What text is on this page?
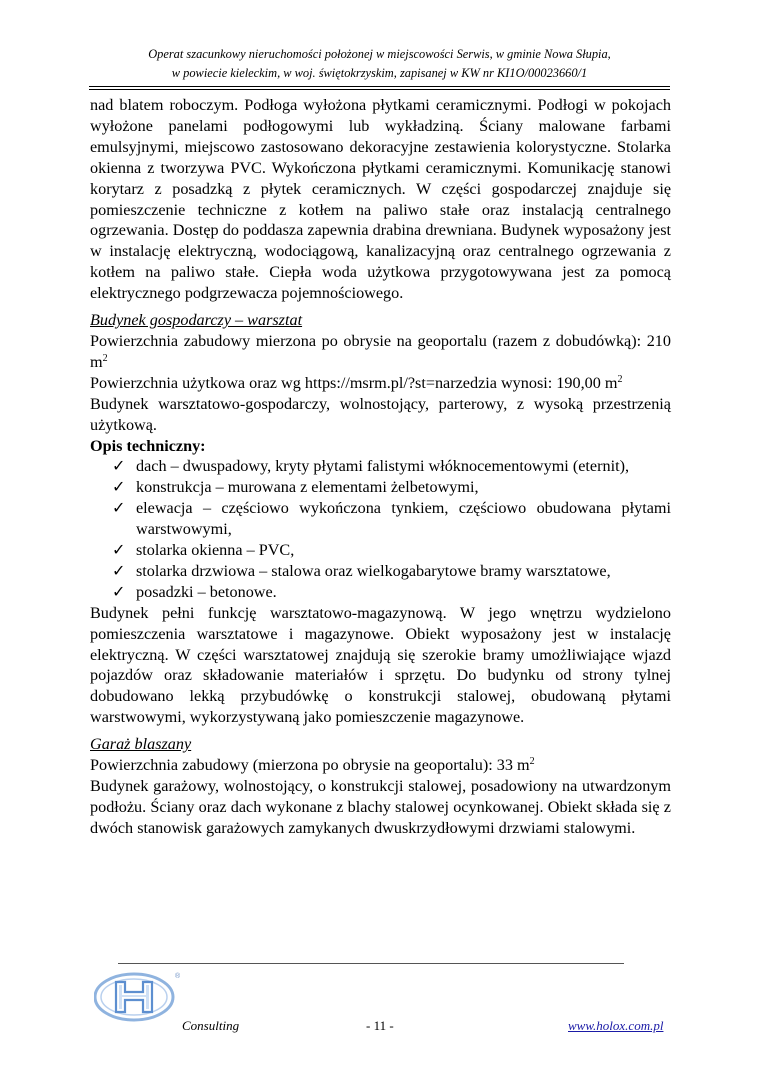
Operat szacunkowy nieruchomości położonej w miejscowości Serwis, w gminie Nowa Słupia,
w powiecie kieleckim, w woj. świętokrzyskim, zapisanej w KW nr KI1O/00023660/1

nad blatem roboczym. Podłoga wyłożona płytkami ceramicznymi. Podłogi w pokojach wyłożone panelami podłogowymi lub wykładziną. Ściany malowane farbami emulsyjnymi, miejscowo zastosowano dekoracyjne zestawienia kolorystyczne. Stolarka okienna z tworzywa PVC. Wykończona płytkami ceramicznymi. Komunikację stanowi korytarz z posadzką z płytek ceramicznych. W części gospodarczej znajduje się pomieszczenie techniczne z kotłem na paliwo stałe oraz instalacją centralnego ogrzewania. Dostęp do poddasza zapewnia drabina drewniana. Budynek wyposażony jest w instalację elektryczną, wodociągową, kanalizacyjną oraz centralnego ogrzewania z kotłem na paliwo stałe. Ciepła woda użytkowa przygotowywana jest za pomocą elektrycznego podgrzewacza pojemnościowego.

Budynek gospodarczy – warsztat

Powierzchnia zabudowy mierzona po obrysie na geoportalu (razem z dobudówką): 210 $m^2$

Powierzchnia użytkowa oraz wg https://msrm.pl/?st=narzedzia wynosi: 190,00 $m^2$

Budynek warsztatowo-gospodarczy, wolnostojący, parterowy, z wysoką przestrzenią użytkową.

Opis techniczny:

✓ dach – dwuspadowy, kryty płytami falistymi włóknocementowymi (eternit),
✓ konstrukcja – murowana z elementami żelbetowymi,
✓ elewacja – częściowo wykończona tynkiem, częściowo obudowana płytami warstwowymi,
✓ stolarka okienna – PVC,
✓ stolarka drzwiowa – stalowa oraz wielkogabarytowe bramy warsztatowe,
✓ posadzki – betonowe.

Budynek pełni funkcję warsztatowo-magazynową. W jego wnętrzu wydzielono pomieszczenia warsztatowe i magazynowe. Obiekt wyposażony jest w instalację elektryczną. W części warsztatowej znajdują się szerokie bramy umożliwiające wjazd pojazdów oraz składowanie materiałów i sprzętu. Do budynku od strony tylnej dobudowano lekką przybudówkę o konstrukcji stalowej, obudowaną płytami warstwowymi, wykorzystywaną jako pomieszczenie magazynowe.

Garaż blaszany

Powierzchnia zabudowy (mierzona po obrysie na geoportalu): 33 $m^2$

Budynek garażowy, wolnostojący, o konstrukcji stalowej, posadowiony na utwardzonym podłożu. Ściany oraz dach wykonane z blachy stalowej ocynkowanej. Obiekt składa się z dwóch stanowisk garażowych zamykanych dwuskrzydłowymi drzwiami stalowymi.

®
Consulting	- 11 -	www.holox.com.pl
